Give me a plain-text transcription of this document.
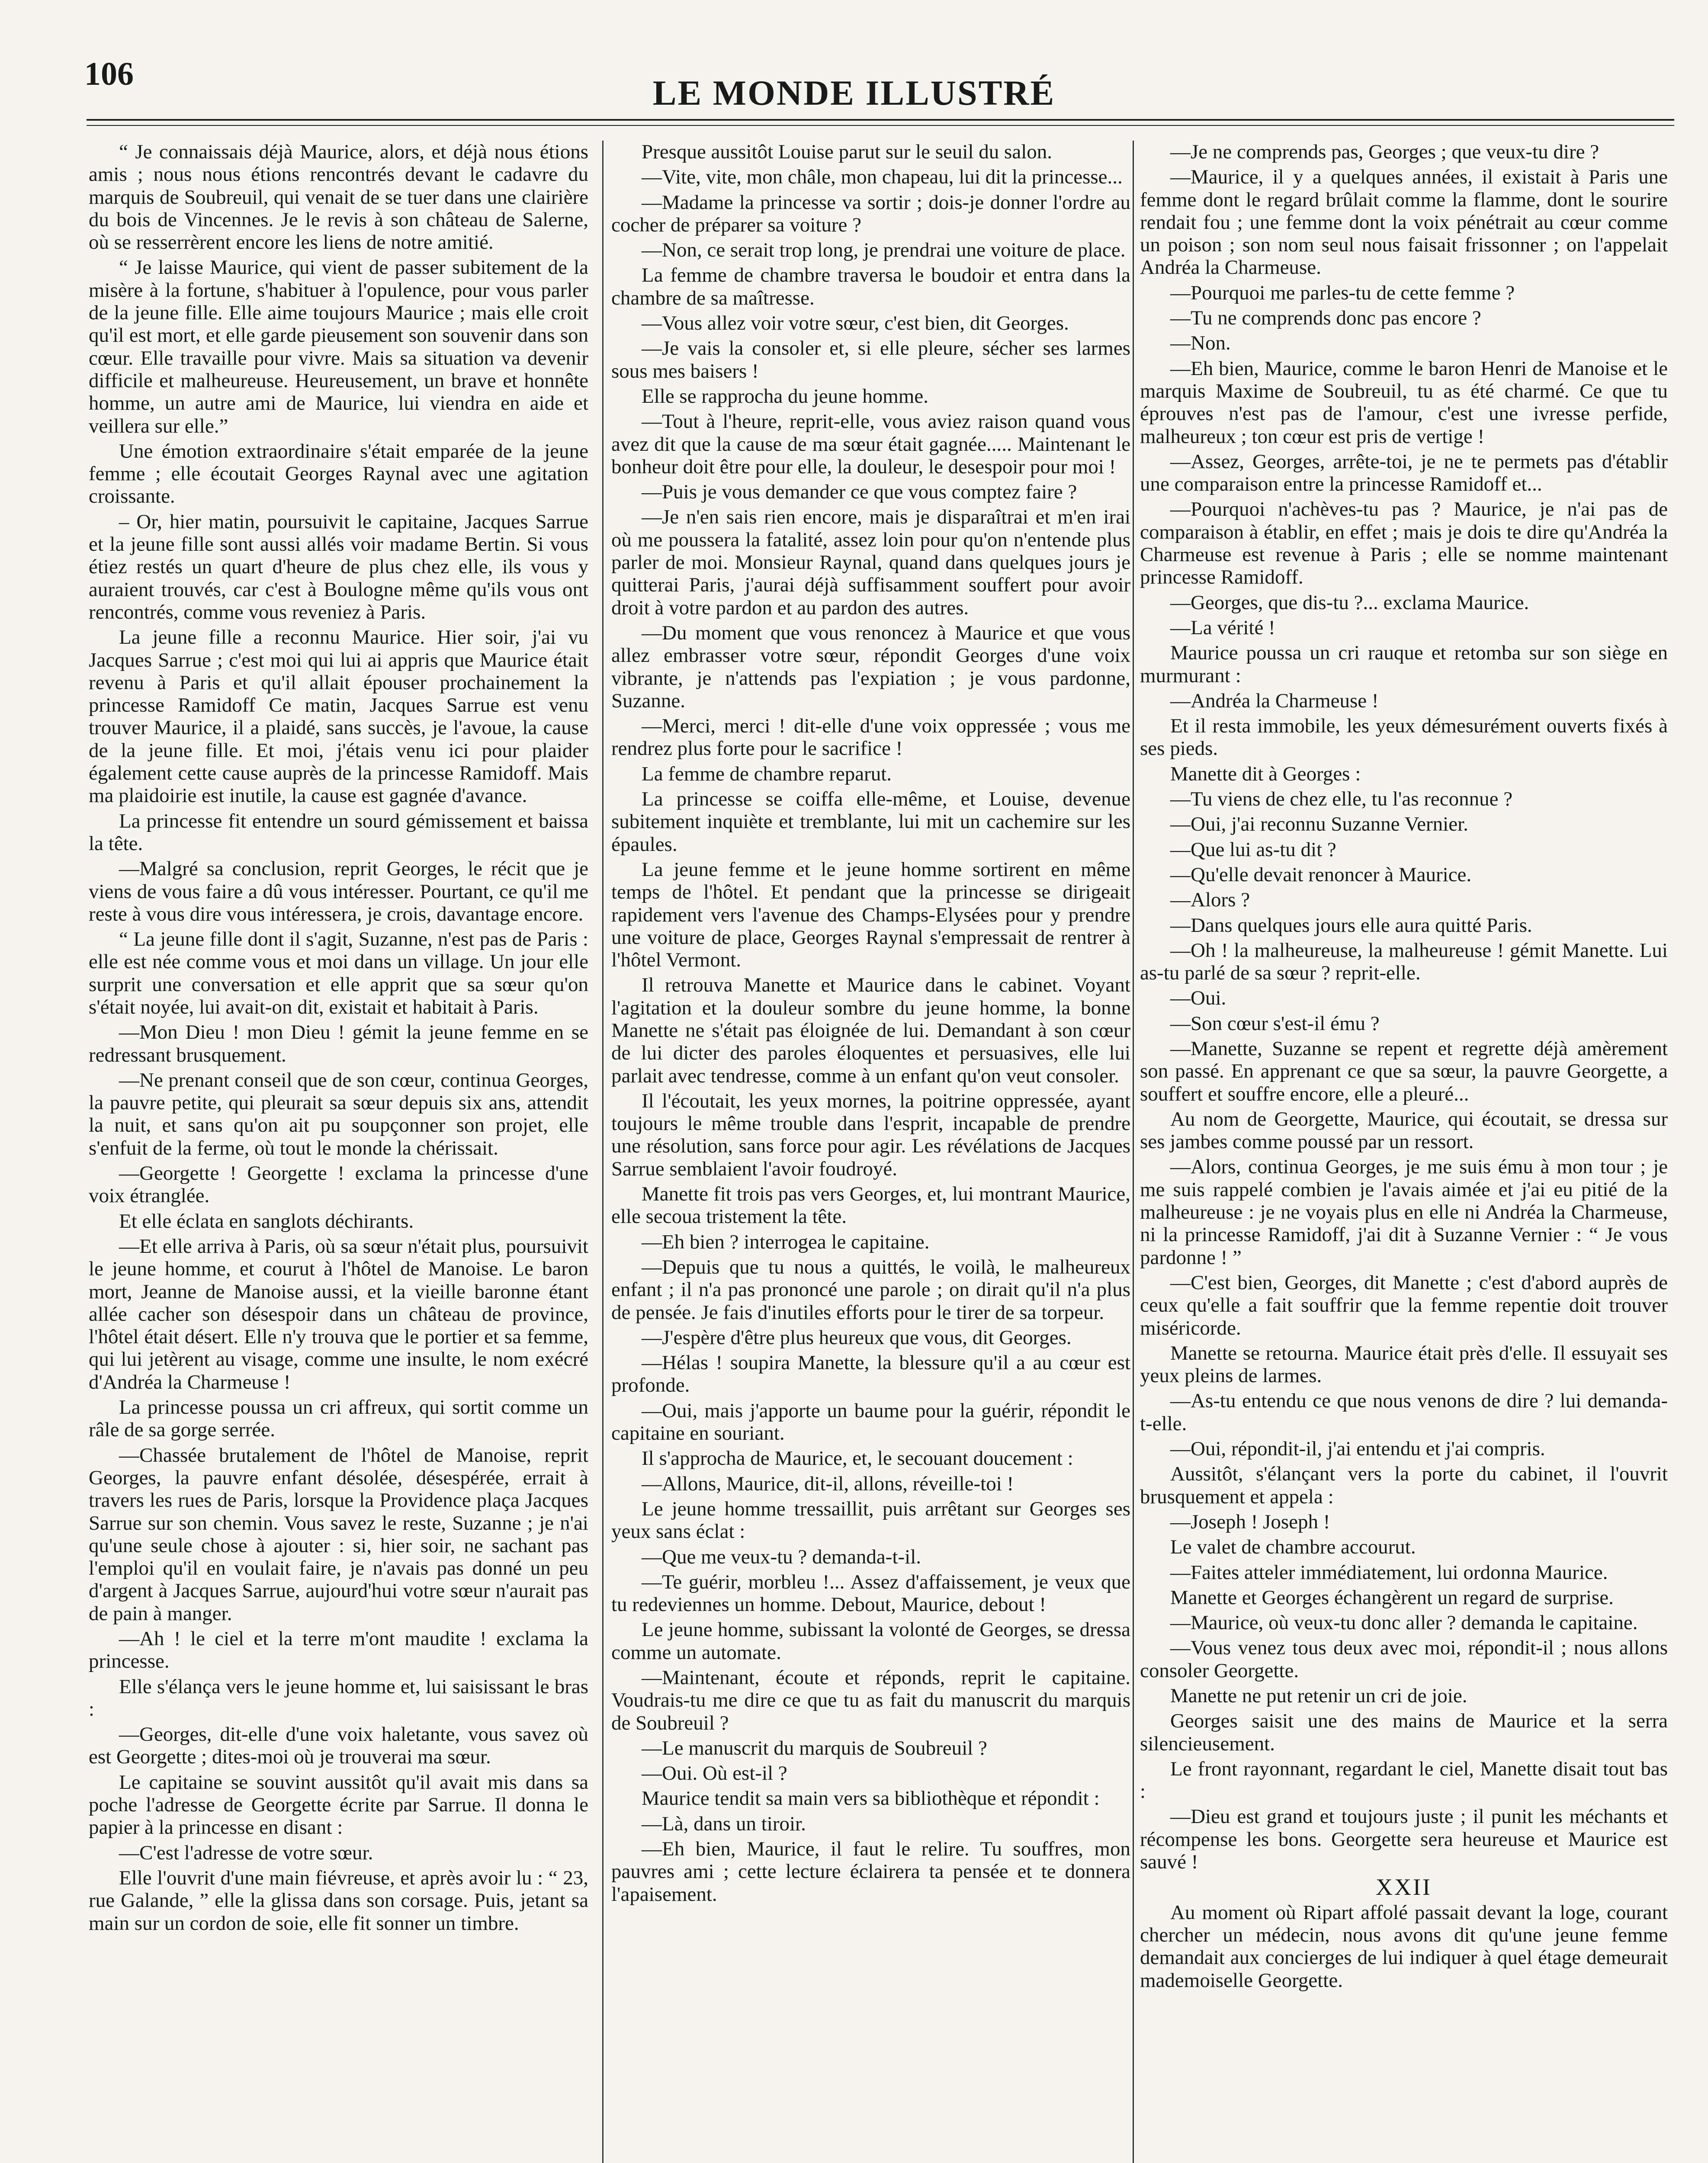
106	LE MONDE ILLUSTRÉ

“ Je connaissais déjà Maurice, alors, et déjà nous étions amis ; nous nous étions rencontrés devant le cadavre du marquis de Soubreuil, qui venait de se tuer dans une clairière du bois de Vincennes. Je le revis à son château de Salerne, où se resserrèrent encore les liens de notre amitié.

“ Je laisse Maurice, qui vient de passer subitement de la misère à la fortune, s'habituer à l'opulence, pour vous parler de la jeune fille. Elle aime toujours Maurice ; mais elle croit qu'il est mort, et elle garde pieusement son souvenir dans son cœur. Elle travaille pour vivre. Mais sa situation va devenir difficile et malheureuse. Heureusement, un brave et honnête homme, un autre ami de Maurice, lui viendra en aide et veillera sur elle.”

Une émotion extraordinaire s'était emparée de la jeune femme ; elle écoutait Georges Raynal avec une agitation croissante.

– Or, hier matin, poursuivit le capitaine, Jacques Sarrue et la jeune fille sont aussi allés voir madame Bertin. Si vous étiez restés un quart d'heure de plus chez elle, ils vous y auraient trouvés, car c'est à Boulogne même qu'ils vous ont rencontrés, comme vous reveniez à Paris.

La jeune fille a reconnu Maurice. Hier soir, j'ai vu Jacques Sarrue ; c'est moi qui lui ai appris que Maurice était revenu à Paris et qu'il allait épouser prochainement la princesse Ramidoff Ce matin, Jacques Sarrue est venu trouver Maurice, il a plaidé, sans succès, je l'avoue, la cause de la jeune fille. Et moi, j'étais venu ici pour plaider également cette cause auprès de la princesse Ramidoff. Mais ma plaidoirie est inutile, la cause est gagnée d'avance.

La princesse fit entendre un sourd gémissement et baissa la tête.

—Malgré sa conclusion, reprit Georges, le récit que je viens de vous faire a dû vous intéresser. Pourtant, ce qu'il me reste à vous dire vous intéressera, je crois, davantage encore.

“ La jeune fille dont il s'agit, Suzanne, n'est pas de Paris : elle est née comme vous et moi dans un village. Un jour elle surprit une conversation et elle apprit que sa sœur qu'on s'était noyée, lui avait-on dit, existait et habitait à Paris.

—Mon Dieu ! mon Dieu ! gémit la jeune femme en se redressant brusquement.

—Ne prenant conseil que de son cœur, continua Georges, la pauvre petite, qui pleurait sa sœur depuis six ans, attendit la nuit, et sans qu'on ait pu soupçonner son projet, elle s'enfuit de la ferme, où tout le monde la chérissait.

—Georgette ! Georgette ! exclama la princesse d'une voix étranglée.

Et elle éclata en sanglots déchirants.

—Et elle arriva à Paris, où sa sœur n'était plus, poursuivit le jeune homme, et courut à l'hôtel de Manoise. Le baron mort, Jeanne de Manoise aussi, et la vieille baronne étant allée cacher son désespoir dans un château de province, l'hôtel était désert. Elle n'y trouva que le portier et sa femme, qui lui jetèrent au visage, comme une insulte, le nom exécré d'Andréa la Charmeuse !

La princesse poussa un cri affreux, qui sortit comme un râle de sa gorge serrée.

—Chassée brutalement de l'hôtel de Manoise, reprit Georges, la pauvre enfant désolée, désespérée, errait à travers les rues de Paris, lorsque la Providence plaça Jacques Sarrue sur son chemin. Vous savez le reste, Suzanne ; je n'ai qu'une seule chose à ajouter : si, hier soir, ne sachant pas l'emploi qu'il en voulait faire, je n'avais pas donné un peu d'argent à Jacques Sarrue, aujourd'hui votre sœur n'aurait pas de pain à manger.

—Ah ! le ciel et la terre m'ont maudite ! exclama la princesse.

Elle s'élança vers le jeune homme et, lui saisissant le bras :

—Georges, dit-elle d'une voix haletante, vous savez où est Georgette ; dites-moi où je trouverai ma sœur.

Le capitaine se souvint aussitôt qu'il avait mis dans sa poche l'adresse de Georgette écrite par Sarrue. Il donna le papier à la princesse en disant :

—C'est l'adresse de votre sœur.

Elle l'ouvrit d'une main fiévreuse, et après avoir lu : “ 23, rue Galande, ” elle la glissa dans son corsage. Puis, jetant sa main sur un cordon de soie, elle fit sonner un timbre.

Presque aussitôt Louise parut sur le seuil du salon.

—Vite, vite, mon châle, mon chapeau, lui dit la princesse...

—Madame la princesse va sortir ; dois-je donner l'ordre au cocher de préparer sa voiture ?

—Non, ce serait trop long, je prendrai une voiture de place.

La femme de chambre traversa le boudoir et entra dans la chambre de sa maîtresse.

—Vous allez voir votre sœur, c'est bien, dit Georges.

—Je vais la consoler et, si elle pleure, sécher ses larmes sous mes baisers !

Elle se rapprocha du jeune homme.

—Tout à l'heure, reprit-elle, vous aviez raison quand vous avez dit que la cause de ma sœur était gagnée..... Maintenant le bonheur doit être pour elle, la douleur, le desespoir pour moi !

—Puis je vous demander ce que vous comptez faire ?

—Je n'en sais rien encore, mais je disparaîtrai et m'en irai où me poussera la fatalité, assez loin pour qu'on n'entende plus parler de moi. Monsieur Raynal, quand dans quelques jours je quitterai Paris, j'aurai déjà suffisamment souffert pour avoir droit à votre pardon et au pardon des autres.

—Du moment que vous renoncez à Maurice et que vous allez embrasser votre sœur, répondit Georges d'une voix vibrante, je n'attends pas l'expiation ; je vous pardonne, Suzanne.

—Merci, merci ! dit-elle d'une voix oppressée ; vous me rendrez plus forte pour le sacrifice !

La femme de chambre reparut.

La princesse se coiffa elle-même, et Louise, devenue subitement inquiète et tremblante, lui mit un cachemire sur les épaules.

La jeune femme et le jeune homme sortirent en même temps de l'hôtel. Et pendant que la princesse se dirigeait rapidement vers l'avenue des Champs-Elysées pour y prendre une voiture de place, Georges Raynal s'empressait de rentrer à l'hôtel Vermont.

Il retrouva Manette et Maurice dans le cabinet. Voyant l'agitation et la douleur sombre du jeune homme, la bonne Manette ne s'était pas éloignée de lui. Demandant à son cœur de lui dicter des paroles éloquentes et persuasives, elle lui parlait avec tendresse, comme à un enfant qu'on veut consoler.

Il l'écoutait, les yeux mornes, la poitrine oppressée, ayant toujours le même trouble dans l'esprit, incapable de prendre une résolution, sans force pour agir. Les révélations de Jacques Sarrue semblaient l'avoir foudroyé.

Manette fit trois pas vers Georges, et, lui montrant Maurice, elle secoua tristement la tête.

—Eh bien ? interrogea le capitaine.

—Depuis que tu nous a quittés, le voilà, le malheureux enfant ; il n'a pas prononcé une parole ; on dirait qu'il n'a plus de pensée. Je fais d'inutiles efforts pour le tirer de sa torpeur.

—J'espère d'être plus heureux que vous, dit Georges.

—Hélas ! soupira Manette, la blessure qu'il a au cœur est profonde.

—Oui, mais j'apporte un baume pour la guérir, répondit le capitaine en souriant.

Il s'approcha de Maurice, et, le secouant doucement :

—Allons, Maurice, dit-il, allons, réveille-toi !

Le jeune homme tressaillit, puis arrêtant sur Georges ses yeux sans éclat :

—Que me veux-tu ? demanda-t-il.

—Te guérir, morbleu !... Assez d'affaissement, je veux que tu redeviennes un homme. Debout, Maurice, debout !

Le jeune homme, subissant la volonté de Georges, se dressa comme un automate.

—Maintenant, écoute et réponds, reprit le capitaine. Voudrais-tu me dire ce que tu as fait du manuscrit du marquis de Soubreuil ?

—Le manuscrit du marquis de Soubreuil ?

—Oui. Où est-il ?

Maurice tendit sa main vers sa bibliothèque et répondit :

—Là, dans un tiroir.

—Eh bien, Maurice, il faut le relire. Tu souffres, mon pauvres ami ; cette lecture éclairera ta pensée et te donnera l'apaisement.

—Je ne comprends pas, Georges ; que veux-tu dire ?

—Maurice, il y a quelques années, il existait à Paris une femme dont le regard brûlait comme la flamme, dont le sourire rendait fou ; une femme dont la voix pénétrait au cœur comme un poison ; son nom seul nous faisait frissonner ; on l'appelait Andréa la Charmeuse.

—Pourquoi me parles-tu de cette femme ?

—Tu ne comprends donc pas encore ?

—Non.

—Eh bien, Maurice, comme le baron Henri de Manoise et le marquis Maxime de Soubreuil, tu as été charmé. Ce que tu éprouves n'est pas de l'amour, c'est une ivresse perfide, malheureux ; ton cœur est pris de vertige !

—Assez, Georges, arrête-toi, je ne te permets pas d'établir une comparaison entre la princesse Ramidoff et...

—Pourquoi n'achèves-tu pas ? Maurice, je n'ai pas de comparaison à établir, en effet ; mais je dois te dire qu'Andréa la Charmeuse est revenue à Paris ; elle se nomme maintenant princesse Ramidoff.

—Georges, que dis-tu ?... exclama Maurice.

—La vérité !

Maurice poussa un cri rauque et retomba sur son siège en murmurant :

—Andréa la Charmeuse !

Et il resta immobile, les yeux démesurément ouverts fixés à ses pieds.

Manette dit à Georges :

—Tu viens de chez elle, tu l'as reconnue ?

—Oui, j'ai reconnu Suzanne Vernier.

—Que lui as-tu dit ?

—Qu'elle devait renoncer à Maurice.

—Alors ?

—Dans quelques jours elle aura quitté Paris.

—Oh ! la malheureuse, la malheureuse ! gémit Manette. Lui as-tu parlé de sa sœur ? reprit-elle.

—Oui.

—Son cœur s'est-il ému ?

—Manette, Suzanne se repent et regrette déjà amèrement son passé. En apprenant ce que sa sœur, la pauvre Georgette, a souffert et souffre encore, elle a pleuré...

Au nom de Georgette, Maurice, qui écoutait, se dressa sur ses jambes comme poussé par un ressort.

—Alors, continua Georges, je me suis ému à mon tour ; je me suis rappelé combien je l'avais aimée et j'ai eu pitié de la malheureuse : je ne voyais plus en elle ni Andréa la Charmeuse, ni la princesse Ramidoff, j'ai dit à Suzanne Vernier : “ Je vous pardonne ! ”

—C'est bien, Georges, dit Manette ; c'est d'abord auprès de ceux qu'elle a fait souffrir que la femme repentie doit trouver miséricorde.

Manette se retourna. Maurice était près d'elle. Il essuyait ses yeux pleins de larmes.

—As-tu entendu ce que nous venons de dire ? lui demanda-t-elle.

—Oui, répondit-il, j'ai entendu et j'ai compris.

Aussitôt, s'élançant vers la porte du cabinet, il l'ouvrit brusquement et appela :

—Joseph ! Joseph !

Le valet de chambre accourut.

—Faites atteler immédiatement, lui ordonna Maurice.

Manette et Georges échangèrent un regard de surprise.

—Maurice, où veux-tu donc aller ? demanda le capitaine.

—Vous venez tous deux avec moi, répondit-il ; nous allons consoler Georgette.

Manette ne put retenir un cri de joie.

Georges saisit une des mains de Maurice et la serra silencieusement.

Le front rayonnant, regardant le ciel, Manette disait tout bas :

—Dieu est grand et toujours juste ; il punit les méchants et récompense les bons. Georgette sera heureuse et Maurice est sauvé !

XXII

Au moment où Ripart affolé passait devant la loge, courant chercher un médecin, nous avons dit qu'une jeune femme demandait aux concierges de lui indiquer à quel étage demeurait mademoiselle Georgette.
